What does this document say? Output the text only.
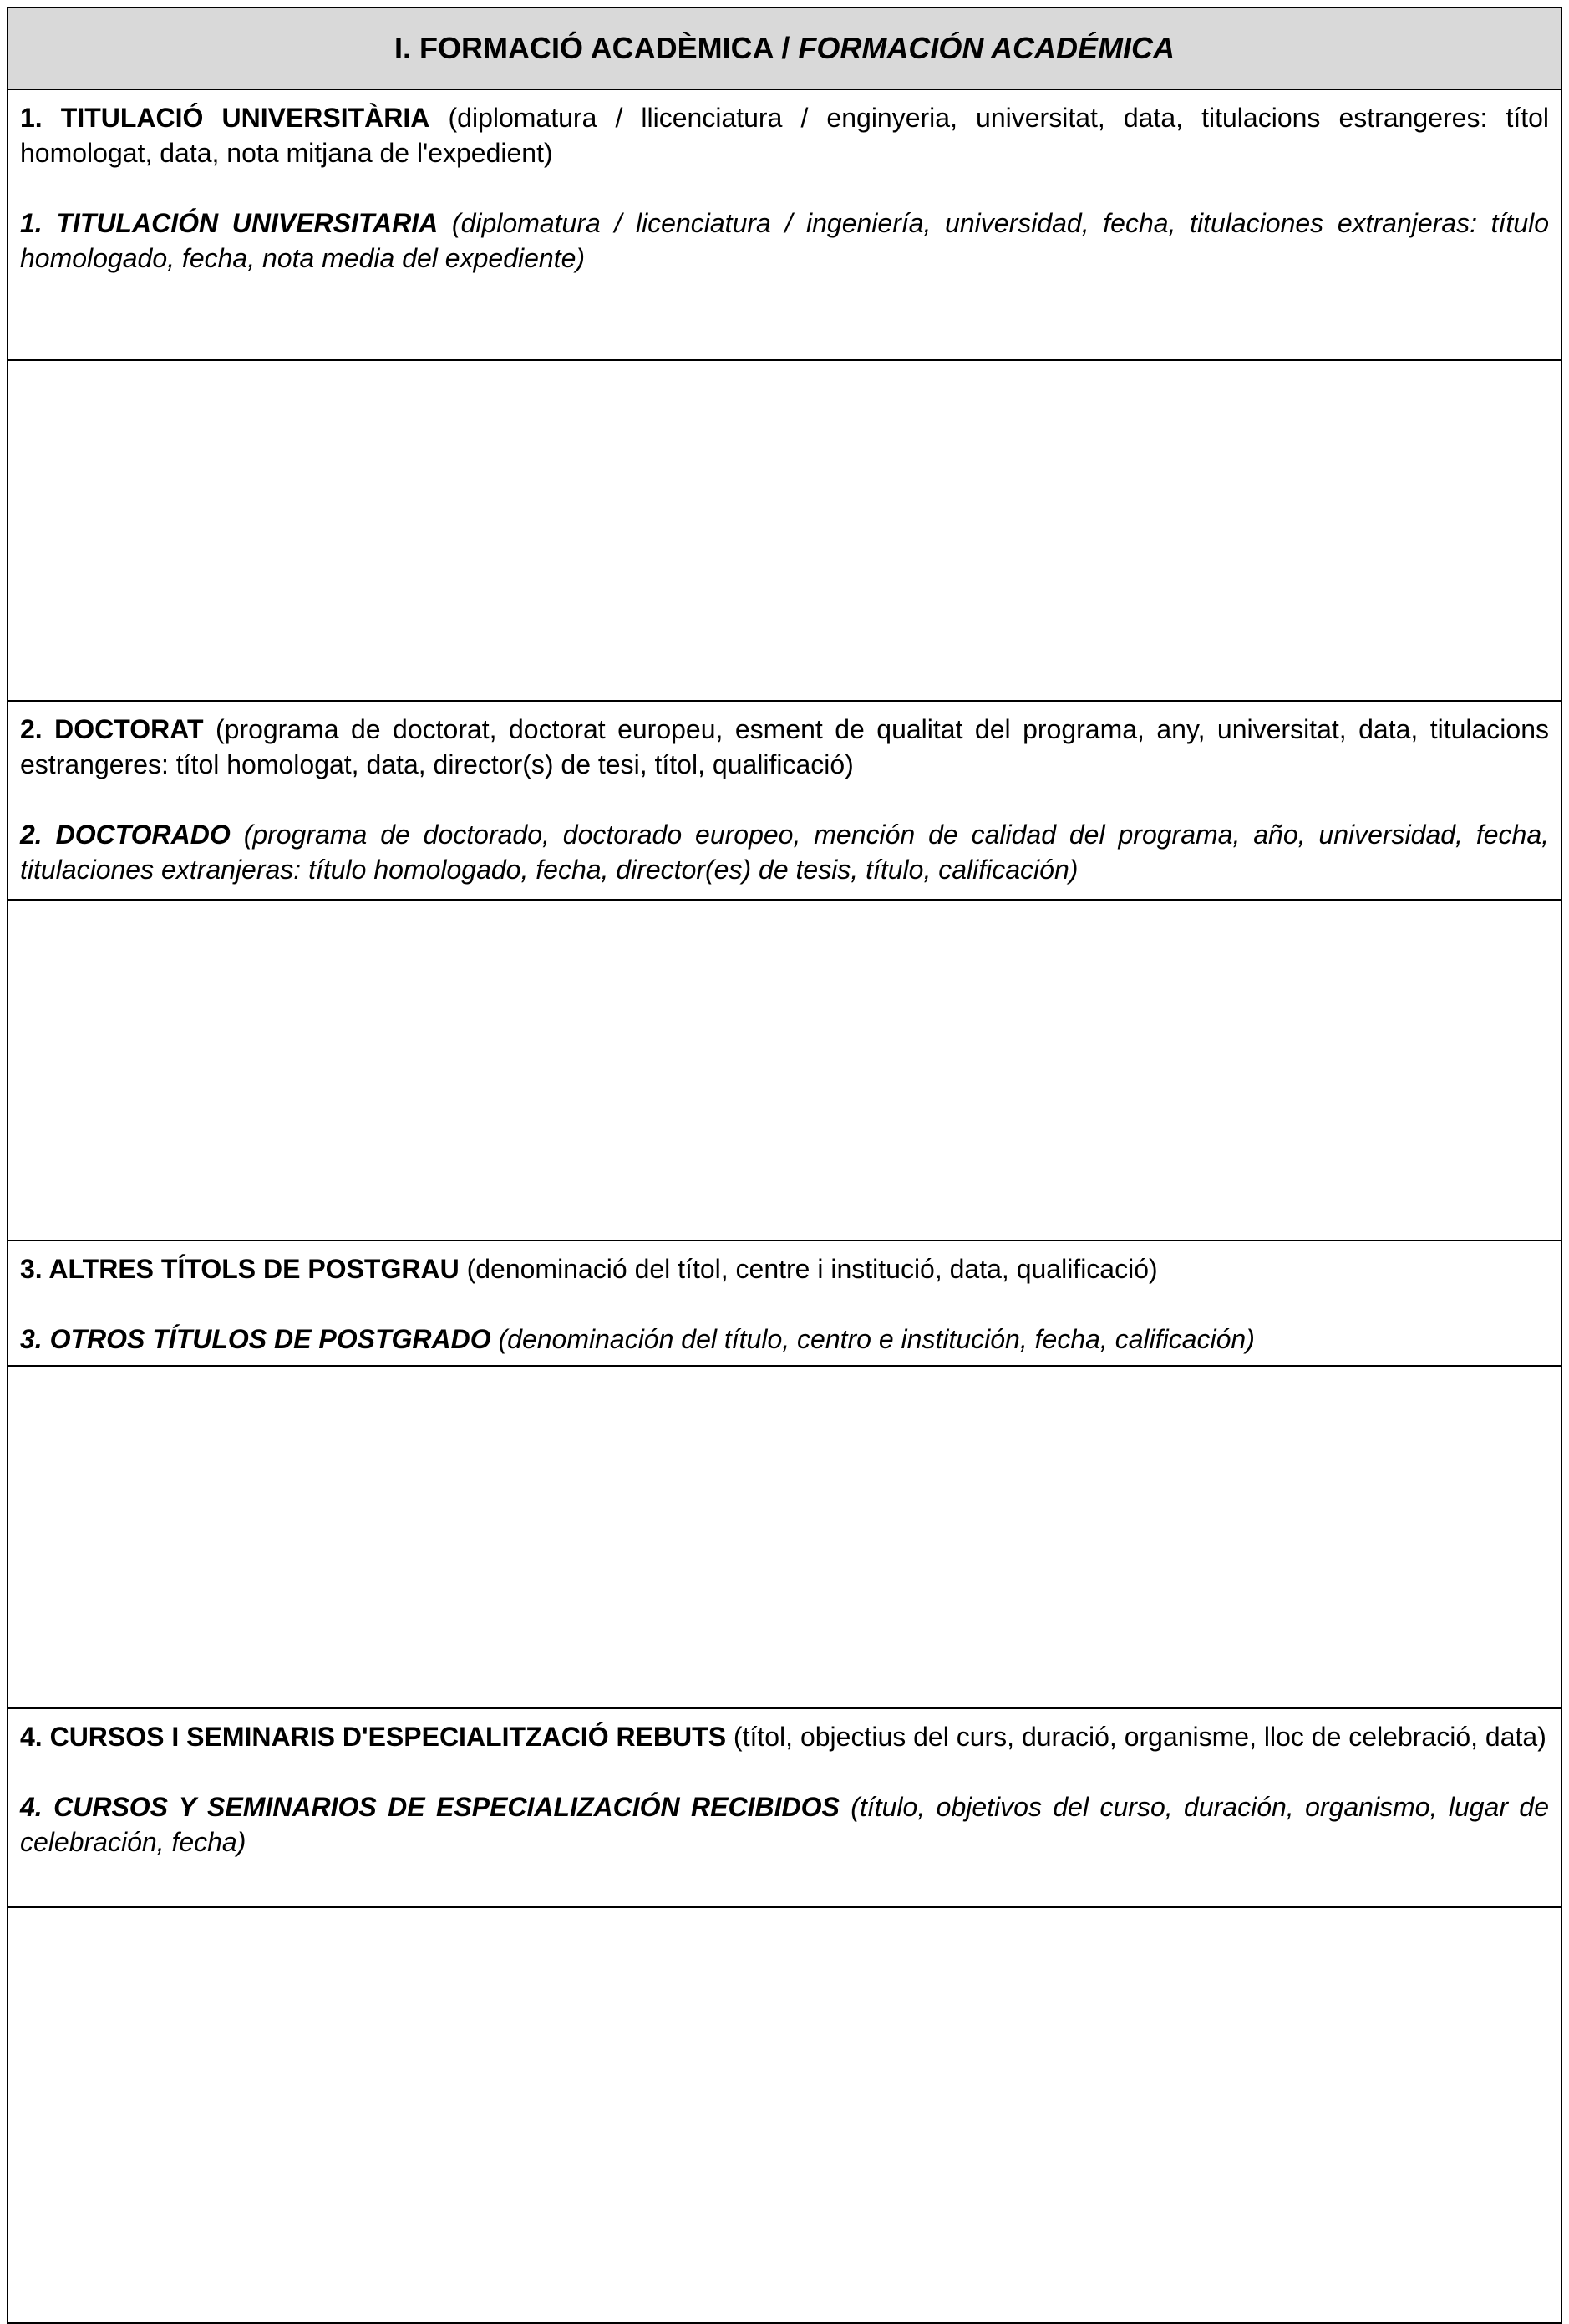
I. FORMACIÓ ACADÈMICA /
FORMACIÓN ACADÉMICA

1. TITULACIÓ UNIVERSITÀRIA (diplomatura / llicenciatura / enginyeria, universitat, data, titulacions estrangeres: títol homologat, data, nota mitjana de l'expedient)

1. TITULACIÓN UNIVERSITARIA (diplomatura / licenciatura / ingeniería, universidad, fecha, titulaciones extranjeras: título homologado, fecha, nota media del expediente)

2. DOCTORAT (programa de doctorat, doctorat europeu, esment de qualitat del programa, any, universitat, data, titulacions estrangeres: títol homologat, data, director(s) de tesi, títol, qualificació)

2. DOCTORADO (programa de doctorado, doctorado europeo, mención de calidad del programa, año, universidad, fecha, titulaciones extranjeras: título homologado, fecha, director(es) de tesis, título, calificación)

3. ALTRES TÍTOLS DE POSTGRAU (denominació del títol, centre i institució, data, qualificació)

3. OTROS TÍTULOS DE POSTGRADO (denominación del título, centro e institución, fecha, calificación)

4. CURSOS I SEMINARIS D'ESPECIALITZACIÓ REBUTS (títol, objectius del curs, duració, organisme, lloc de celebració, data)

4. CURSOS Y SEMINARIOS DE ESPECIALIZACIÓN RECIBIDOS (título, objetivos del curso, duración, organismo, lugar de celebración, fecha)
